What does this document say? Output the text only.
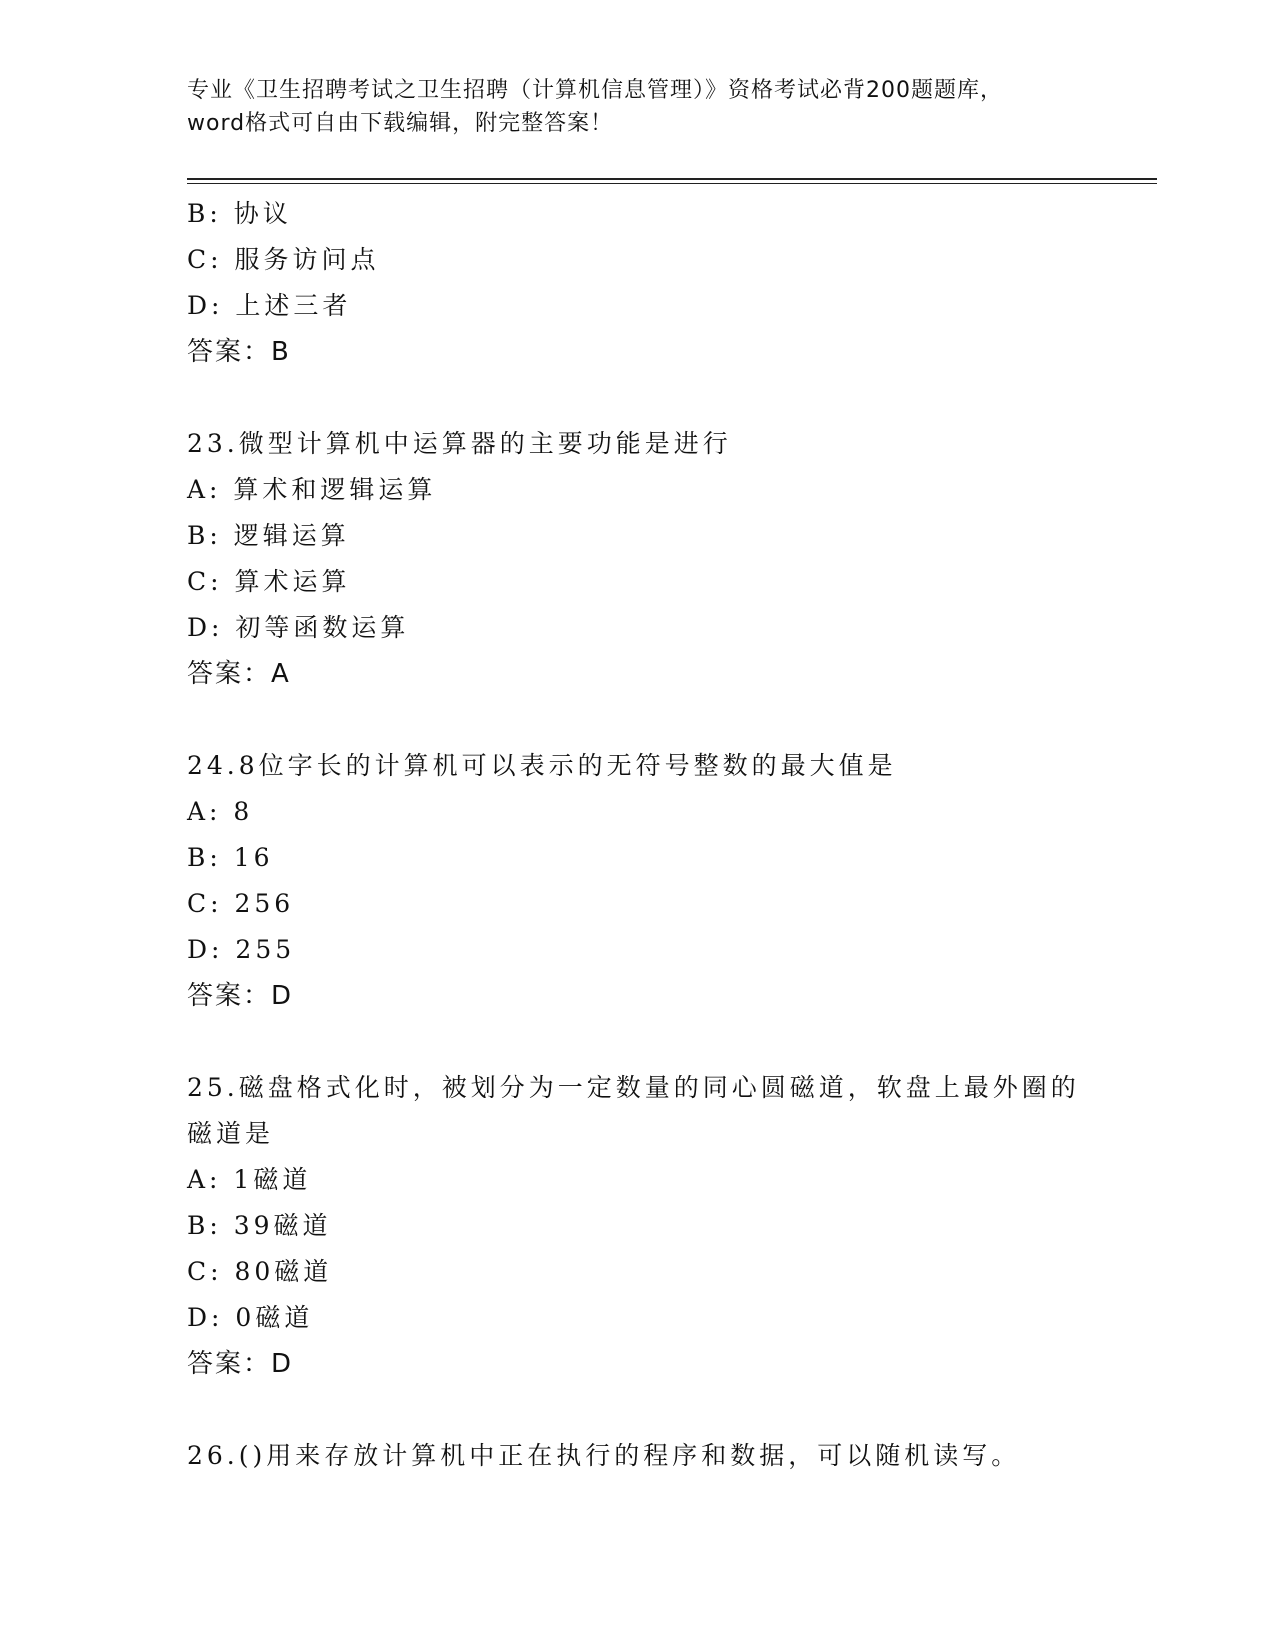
专业《卫生招聘考试之卫生招聘（计算机信息管理）》资格考试必背200题题库，
word格式可自由下载编辑，附完整答案！
B: 协议
C: 服务访问点
D: 上述三者
答案：B
23.微型计算机中运算器的主要功能是进行
A: 算术和逻辑运算
B: 逻辑运算
C: 算术运算
D: 初等函数运算
答案：A
24.8位字长的计算机可以表示的无符号整数的最大值是
A: 8
B: 16
C: 256
D: 255
答案：D
25.磁盘格式化时，被划分为一定数量的同心圆磁道，软盘上最外圈的
磁道是
A: 1磁道
B: 39磁道
C: 80磁道
D: 0磁道
答案：D
26.()用来存放计算机中正在执行的程序和数据，可以随机读写。
